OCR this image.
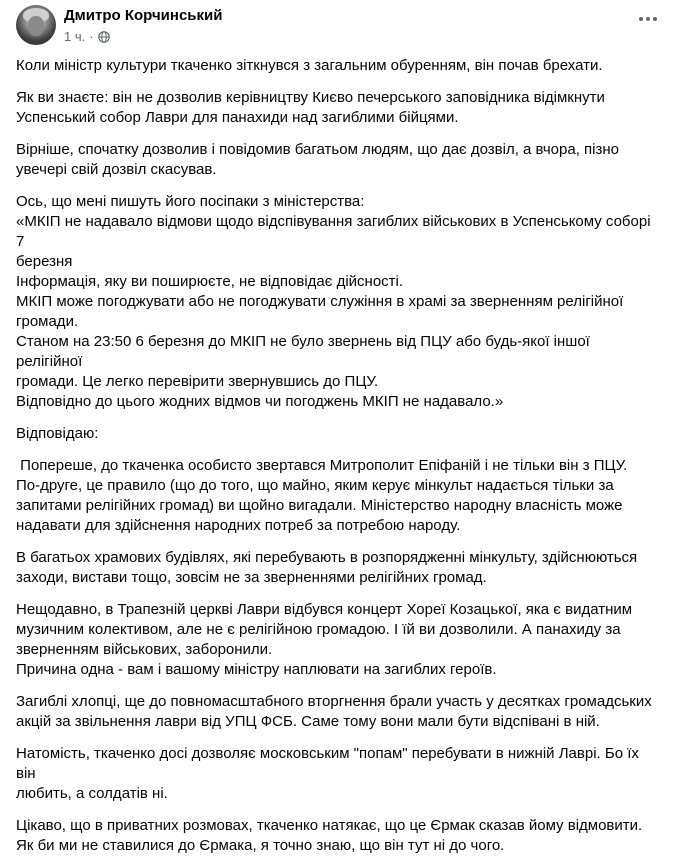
Дмитро Корчинський
1 ч. ·

Коли міністр культури ткаченко зіткнувся з загальним обуренням, він почав брехати.

Як ви знаєте: він не дозволив керівництву Києво печерського заповідника відімкнути
Успенський собор Лаври для панахиди над загиблими бійцями.

Вірніше, спочатку дозволив і повідомив багатьом людям, що дає дозвіл, а вчора, пізно
увечері свій дозвіл скасував.

Ось, що мені пишуть його посіпаки з міністерства:
«МКІП не надавало відмови щодо відспівування загиблих військових в Успенському соборі 7
березня
Інформація, яку ви поширюєте, не відповідає дійсності.
МКІП може погоджувати або не погоджувати служіння в храмі за зверненням релігійної
громади.
Станом на 23:50 6 березня до МКІП не було звернень від ПЦУ або будь-якої іншої релігійної
громади. Це легко перевірити звернувшись до ПЦУ.
Відповідно до цього жодних відмов чи погоджень МКІП не надавало.»

Відповідаю:

Попереше, до ткаченка особисто звертався Митрополит Епіфаній і не тільки він з ПЦУ.
По-друге, це правило (що до того, що майно, яким керує мінкульт надається тільки за
запитами релігійних громад) ви щойно вигадали. Міністерство народну власність може
надавати для здійснення народних потреб за потребою народу.

В багатьох храмових будівлях, які перебувають в розпорядженні мінкульту, здійснюються
заходи, вистави тощо, зовсім не за зверненнями релігійних громад.

Нещодавно, в Трапезній церкві Лаври відбувся концерт Хореї Козацької, яка є видатним
музичним колективом, але не є релігійною громадою. І їй ви дозволили. А панахиду за
зверненням військових, заборонили.
Причина одна - вам і вашому міністру наплювати на загиблих героїв.

Загиблі хлопці, ще до повномасштабного вторгнення брали участь у десятках громадських
акцій за звільнення лаври від УПЦ ФСБ. Саме тому вони мали бути відспівані в ній.

Натомість, ткаченко досі дозволяє московським "попам" перебувати в нижній Лаврі. Бо їх він
любить, а солдатів ні.

Цікаво, що в приватних розмовах, ткаченко натякає, що це Єрмак сказав йому відмовити.
Як би ми не ставилися до Єрмака, я точно знаю, що він тут ні до чого.
